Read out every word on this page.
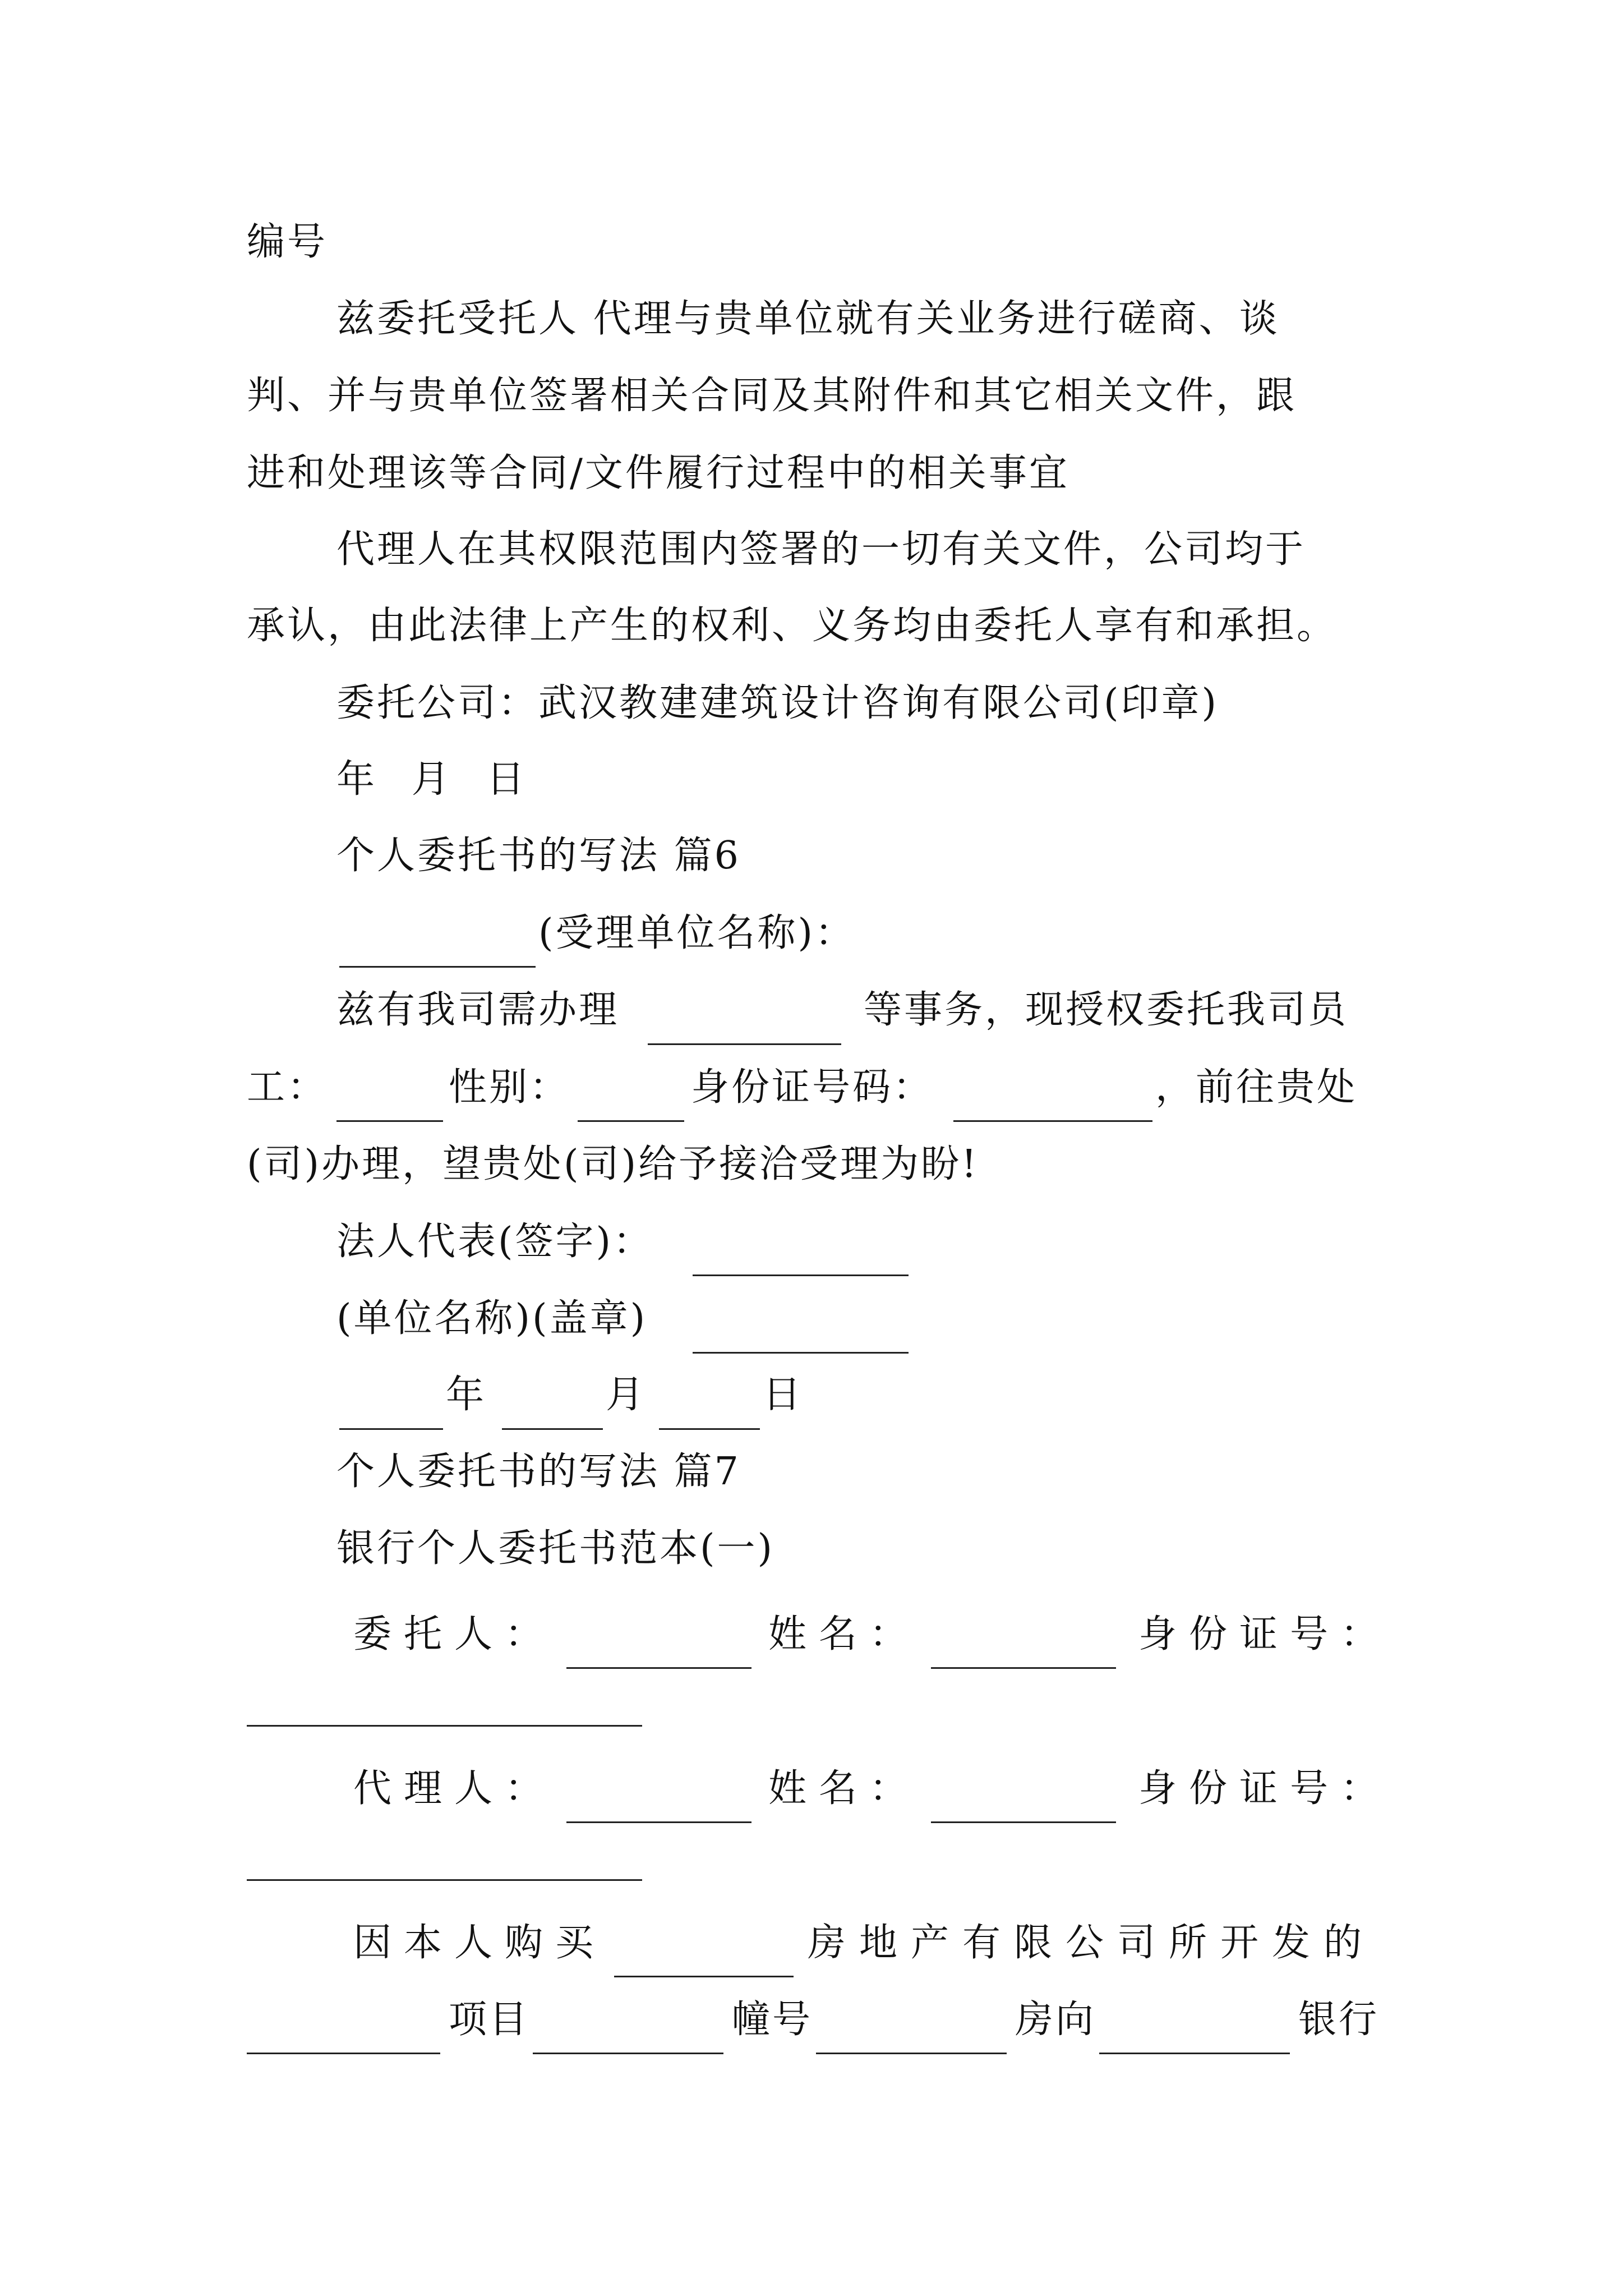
编号
兹委托受托人 代理与贵单位就有关业务进行磋商、谈
判、并与贵单位签署相关合同及其附件和其它相关文件，跟
进和处理该等合同/文件履行过程中的相关事宜
代理人在其权限范围内签署的一切有关文件，公司均于
承认，由此法律上产生的权利、义务均由委托人享有和承担。
委托公司：武汉教建建筑设计咨询有限公司(印章)
年 月 日
个人委托书的写法 篇6
(受理单位名称)：
兹有我司需办理	等事务，现授权委托我司员
工：	性别：	身份证号码：	，前往贵处
(司)办理，望贵处(司)给予接洽受理为盼!
法人代表(签字)：
(单位名称)(盖章)
年	月	日
个人委托书的写法 篇7
银行个人委托书范本(一)
委托人：	姓名：	身份证号：
代理人：	姓名：	身份证号：
因本人购买	房地产有限公司所开发的
项目	幢号	房向	银行
